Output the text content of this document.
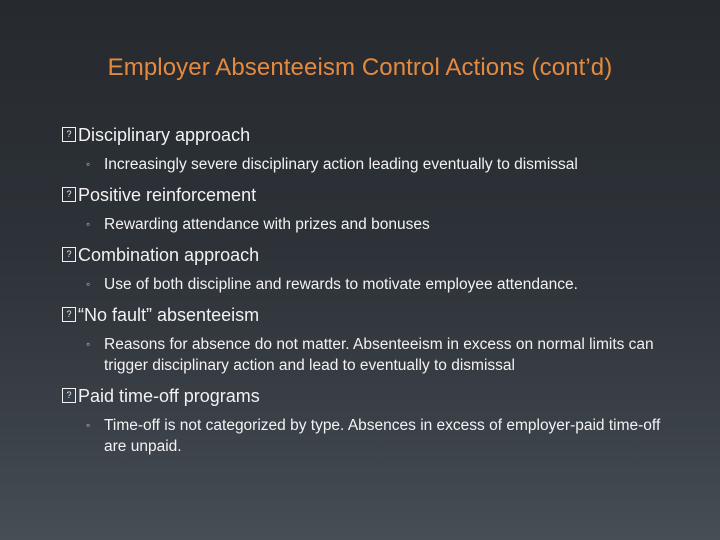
Employer Absenteeism Control Actions (cont’d)
? Disciplinary approach
◦ Increasingly severe disciplinary action leading eventually to dismissal
? Positive reinforcement
◦ Rewarding attendance with prizes and bonuses
? Combination approach
◦ Use of both discipline and rewards to motivate employee attendance.
? “No fault” absenteeism
◦ Reasons for absence do not matter. Absenteeism in excess on normal limits can trigger disciplinary action and lead to eventually to dismissal
? Paid time-off programs
◦ Time-off is not categorized by type. Absences in excess of employer-paid time-off are unpaid.
